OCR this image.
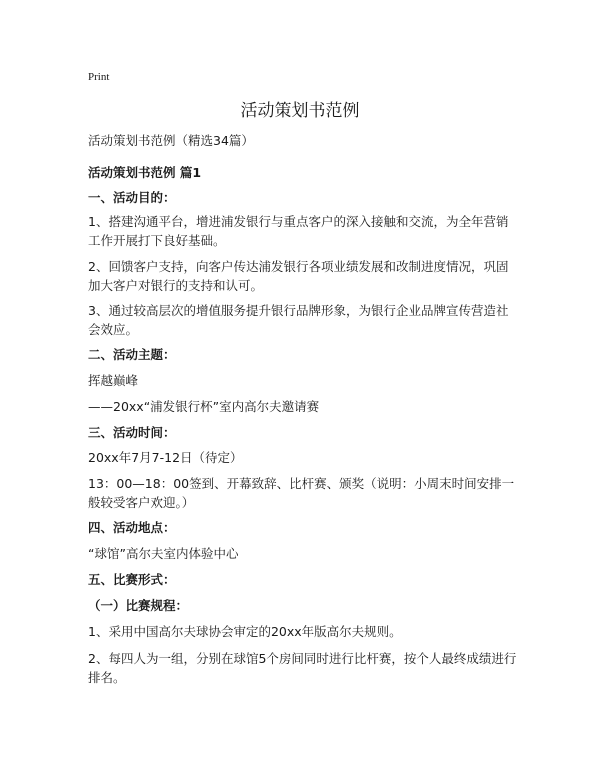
Print
活动策划书范例
活动策划书范例（精选34篇）
活动策划书范例 篇1
一、活动目的：
1、搭建沟通平台，增进浦发银行与重点客户的深入接触和交流，为全年营销工作开展打下良好基础。
2、回馈客户支持，向客户传达浦发银行各项业绩发展和改制进度情况，巩固加大客户对银行的支持和认可。
3、通过较高层次的增值服务提升银行品牌形象，为银行企业品牌宣传营造社会效应。
二、活动主题：
挥越巅峰
——20xx“浦发银行杯”室内高尔夫邀请赛
三、活动时间：
20xx年7月7-12日（待定）
13：00—18：00签到、开幕致辞、比杆赛、颁奖（说明：小周末时间安排一般较受客户欢迎。）
四、活动地点：
“球馆”高尔夫室内体验中心
五、比赛形式：
（一）比赛规程：
1、采用中国高尔夫球协会审定的20xx年版高尔夫规则。
2、每四人为一组，分别在球馆5个房间同时进行比杆赛，按个人最终成绩进行排名。
